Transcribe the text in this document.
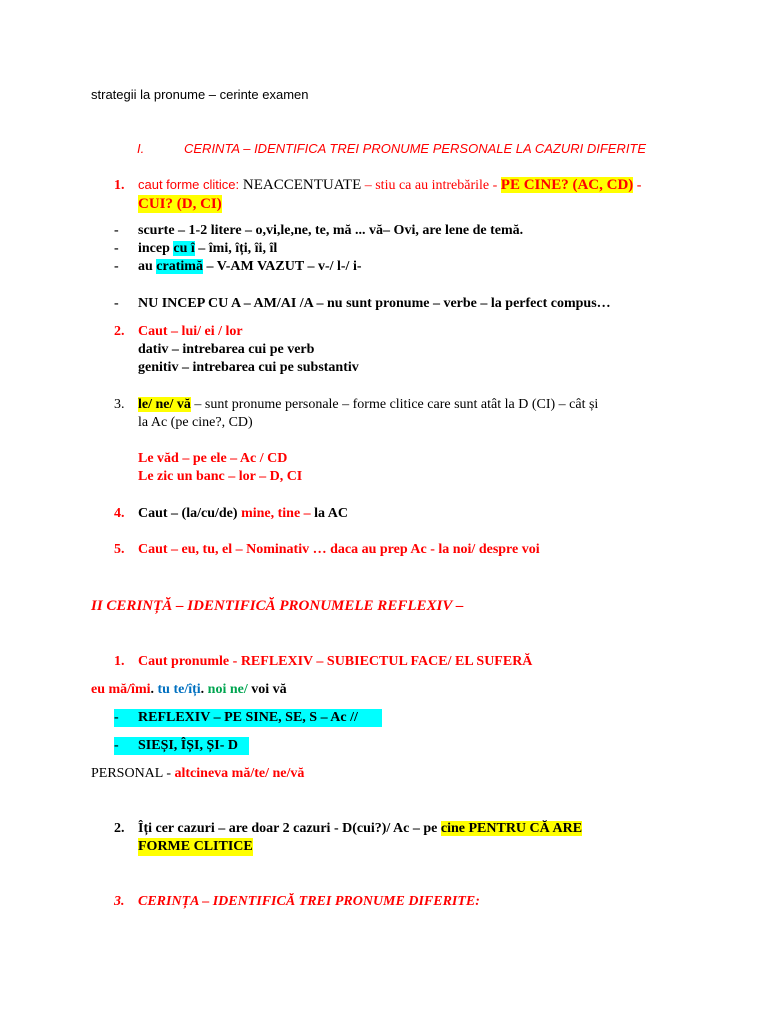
strategii la pronume – cerinte examen
I.	CERINTA – IDENTIFICA TREI PRONUME PERSONALE LA CAZURI DIFERITE
1. caut forme clitice: NEACCENTUATE – stiu ca au intrebările - PE CINE? (AC, CD) -
CUI? (D, CI)
- scurte – 1-2 litere – o,vi,le,ne, te, mă ... vă– Ovi, are lene de temă.
- incep cu î – îmi, îți, îi, îl
- au cratimă – V-AM VAZUT – v-/ l-/ i-
- NU INCEP CU A – AM/AI /A – nu sunt pronume – verbe – la perfect compus…
2. Caut – lui/ ei / lor
dativ – intrebarea cui pe verb
genitiv – intrebarea cui pe substantiv
3. le/ ne/ vă – sunt pronume personale – forme clitice care sunt atât la D (CI) – cât și
la Ac (pe cine?, CD)
Le văd – pe ele – Ac / CD
Le zic un banc – lor – D, CI
4. Caut – (la/cu/de) mine, tine – la AC
5. Caut – eu, tu, el – Nominativ … daca au prep Ac - la noi/ despre voi
II CERINȚĂ – IDENTIFICĂ PRONUMELE REFLEXIV –
1. Caut pronumle - REFLEXIV – SUBIECTUL FACE/ EL SUFERĂ
eu mă/îmi. tu te/îți. noi ne/ voi vă
- REFLEXIV – PE SINE, SE, S – Ac //
- SIEȘI, ÎȘI, ȘI- D
PERSONAL - altcineva mă/te/ ne/vă
2. Îți cer cazuri – are doar 2 cazuri - D(cui?)/ Ac – pe cine PENTRU CĂ ARE
FORME CLITICE
3. CERINȚA – IDENTIFICĂ TREI PRONUME DIFERITE:
